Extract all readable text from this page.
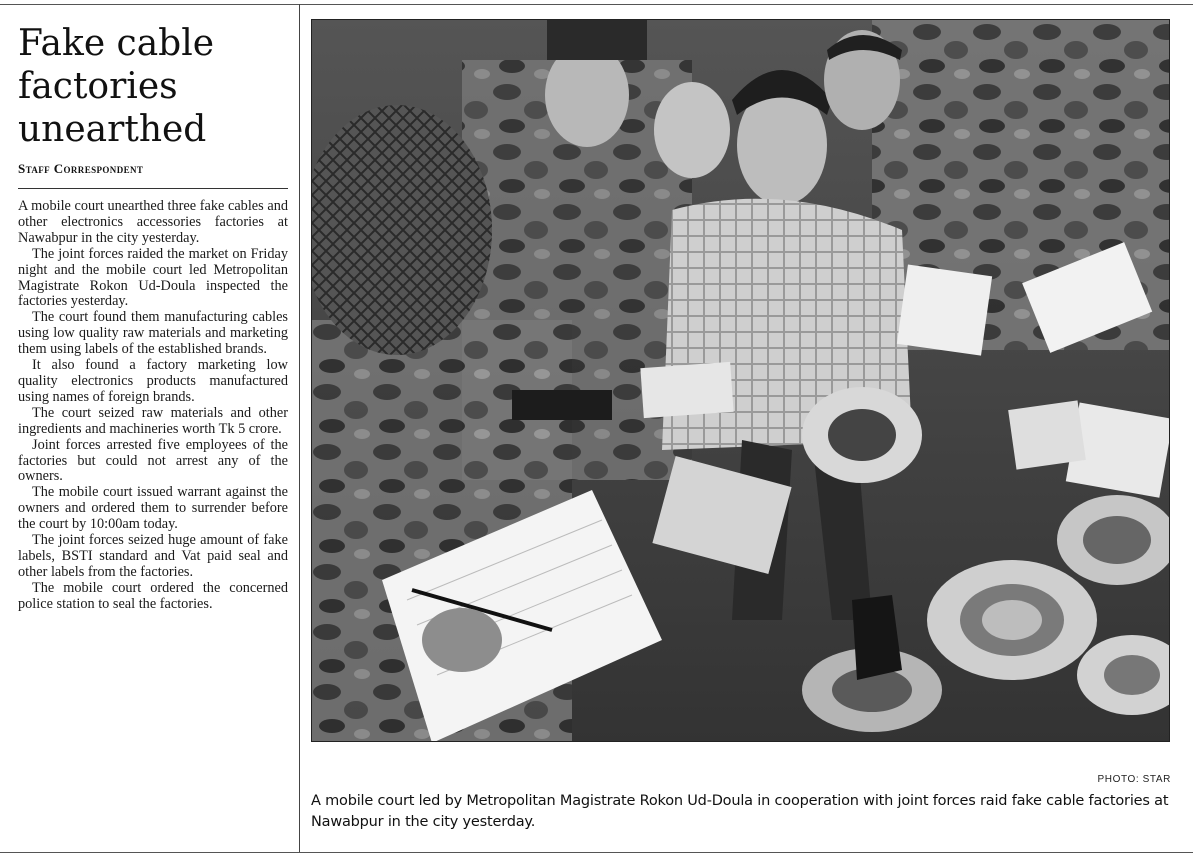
Fake cable factories unearthed
Staff Correspondent

A mobile court unearthed three fake cables and other electronics accessories factories at Nawabpur in the city yesterday.

The joint forces raided the market on Friday night and the mobile court led Metropolitan Magistrate Rokon Ud-Doula inspected the factories yesterday.

The court found them manufacturing cables using low quality raw materials and marketing them using labels of the established brands.

It also found a factory marketing low quality electronics products manufactured using names of foreign brands.

The court seized raw materials and other ingredients and machineries worth Tk 5 crore.

Joint forces arrested five employees of the factories but could not arrest any of the owners.

The mobile court issued warrant against the owners and ordered them to surrender before the court by 10:00am today.

The joint forces seized huge amount of fake labels, BSTI standard and Vat paid seal and other labels from the factories.

The mobile court ordered the concerned police station to seal the factories.

PHOTO: STAR
A mobile court led by Metropolitan Magistrate Rokon Ud-Doula in cooperation with joint forces raid fake cable factories at Nawabpur in the city yesterday.
